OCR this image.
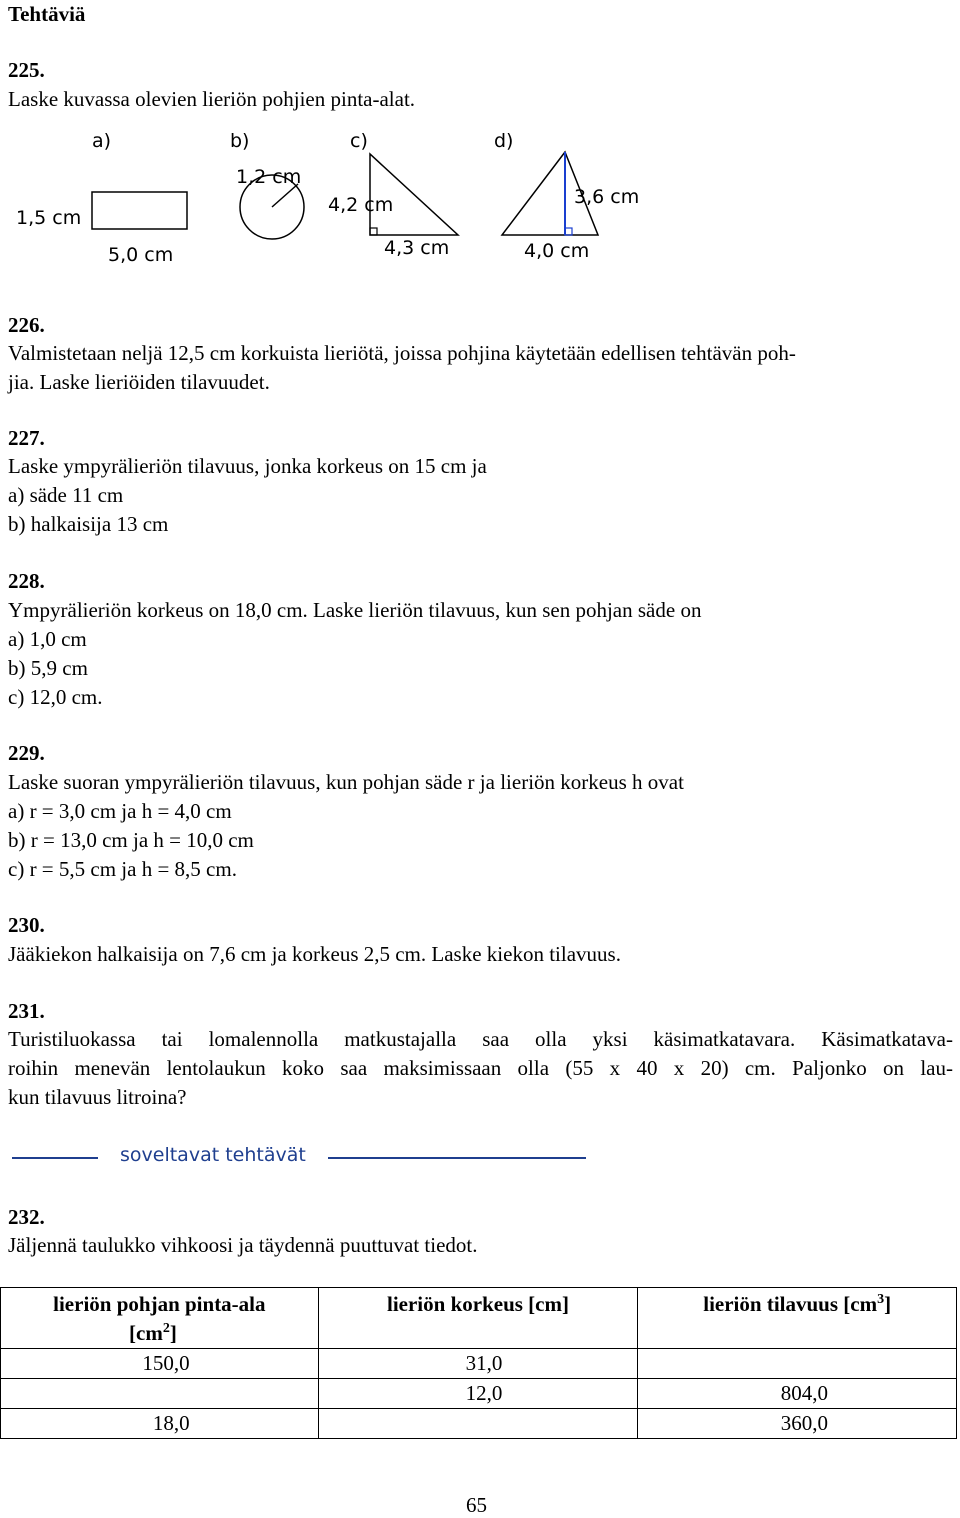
Tehtäviä
225.
Laske kuvassa olevien lieriön pohjien pinta-alat.
a)
1,5 cm
5,0 cm
b)
1,2 cm
c)
4,2 cm
4,3 cm
d)
3,6 cm
4,0 cm
226.
Valmistetaan neljä 12,5 cm korkuista lieriötä, joissa pohjina käytetään edellisen tehtävän poh-
jia. Laske lieriöiden tilavuudet.
227.
Laske ympyrälieriön tilavuus, jonka korkeus on 15 cm ja
a) säde 11 cm
b) halkaisija 13 cm
228.
Ympyrälieriön korkeus on 18,0 cm. Laske lieriön tilavuus, kun sen pohjan säde on
a) 1,0 cm
b) 5,9 cm
c) 12,0 cm.
229.
Laske suoran ympyrälieriön tilavuus, kun pohjan säde r ja lieriön korkeus h ovat
a) r = 3,0 cm ja h = 4,0 cm
b) r = 13,0 cm ja h = 10,0 cm
c) r = 5,5 cm ja h = 8,5 cm.
230.
Jääkiekon halkaisija on 7,6 cm ja korkeus 2,5 cm. Laske kiekon tilavuus.
231.
Turistiluokassa tai lomalennolla matkustajalla saa olla yksi käsimatkatavara. Käsimatkatava-
roihin menevän lentolaukun koko saa maksimissaan olla (55 x 40 x 20) cm. Paljonko on lau-
kun tilavuus litroina?
soveltavat tehtävät
232.
Jäljennä taulukko vihkoosi ja täydennä puuttuvat tiedot.
lieriön pohjan pinta-ala
$[cm^2]$	lieriön korkeus [cm]	lieriön tilavuus $[cm^3]$
150,0	31,0	
	12,0	804,0
18,0		360,0
65
